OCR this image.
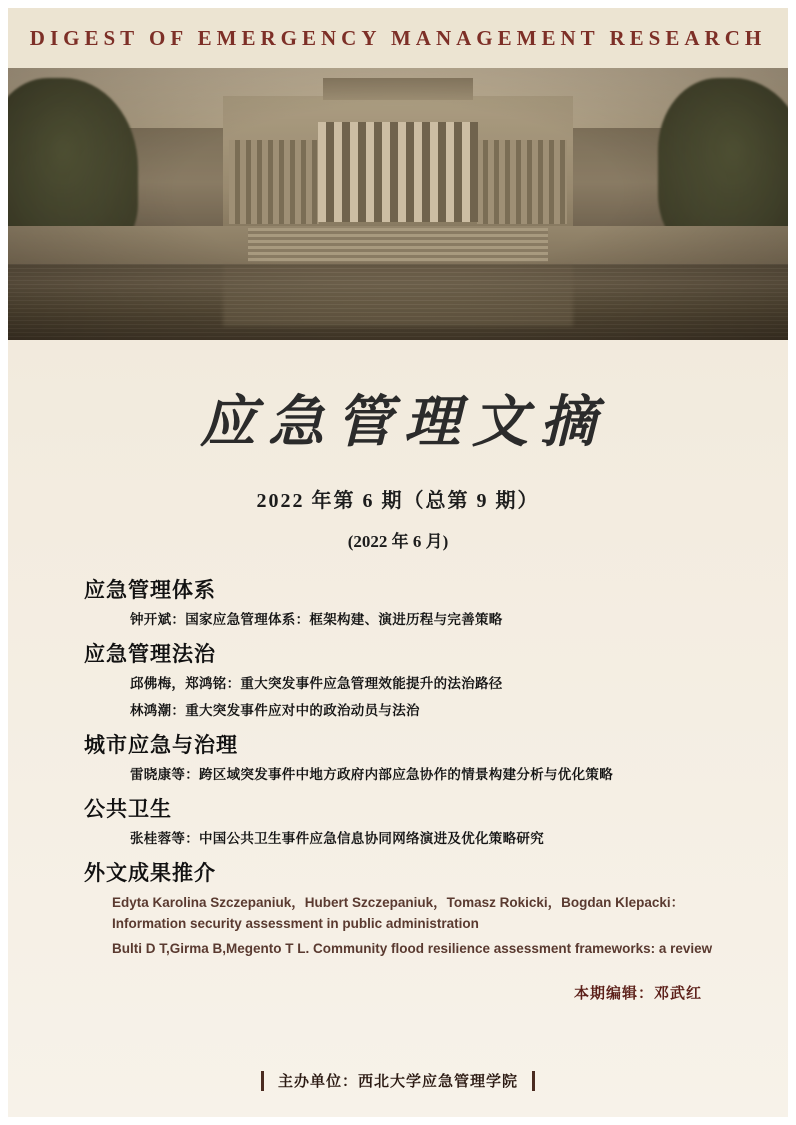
DIGEST OF EMERGENCY MANAGEMENT RESEARCH
应急管理文摘
2022 年第 6 期（总第 9 期）
(2022 年 6 月)
应急管理体系
钟开斌：国家应急管理体系：框架构建、演进历程与完善策略
应急管理法治
邱佛梅，郑鸿铭：重大突发事件应急管理效能提升的法治路径
林鸿潮：重大突发事件应对中的政治动员与法治
城市应急与治理
雷晓康等：跨区域突发事件中地方政府内部应急协作的情景构建分析与优化策略
公共卫生
张桂蓉等：中国公共卫生事件应急信息协同网络演进及优化策略研究
外文成果推介
Edyta Karolina Szczepaniuk，Hubert Szczepaniuk，Tomasz Rokicki，Bogdan Klepacki：Information security assessment in public administration
Bulti D T,Girma B,Megento T L. Community flood resilience assessment frameworks: a review
本期编辑：邓武红
主办单位：西北大学应急管理学院
